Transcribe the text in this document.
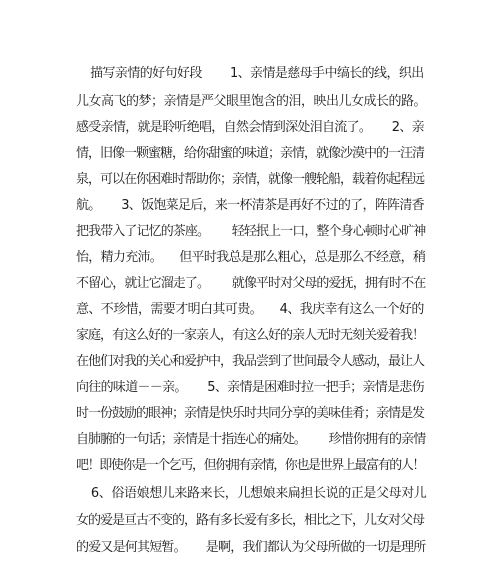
描写亲情的好句好段        1、亲情是慈母手中缟长的线，织出
儿女高飞的梦；亲情是严父眼里饱含的泪，映出儿女成长的路。
感受亲情，就是聆听绝唱，自然会情到深处泪自流了。      2、亲
情，旧像一颗蜜糖，给你甜蜜的味道；亲情，就像沙漠中的一汪清
泉，可以在你困难时帮助你；亲情，就像一艘轮船，载着你起程远
航。      3、饭饱菜足后，来一杯清茶是再好不过的了，阵阵清香
把我带入了记忆的茶座。       轻轻抿上一口，整个身心顿时心旷神
怡，精力充沛。     但平时我总是那么粗心，总是那么不经意，稍
不留心，就让它溜走了。       就像平时对父母的爱抚，拥有时不在
意、不珍惜，需要才明白其可贵。     4、我庆幸有这么一个好的
家庭，有这么好的一家亲人，有这么好的亲人无时无刻关爱着我！
在他们对我的关心和爱护中，我品尝到了世间最令人感动，最让人
向往的味道－－亲。      5、亲情是困难时拉一把手；亲情是悲伤
时一份鼓励的眼神；亲情是快乐时共同分享的美味佳肴；亲情是发
自肺腑的一句话；亲情是十指连心的痛处。       珍惜你拥有的亲情
吧！即使你是一个乞丐，但你拥有亲情，你也是世界上最富有的人！
6、俗语娘想儿来路来长，儿想娘来扁担长说的正是父母对儿
女的爱是亘古不变的，路有多长爱有多长，相比之下，儿女对父母
的爱又是何其短暂。      是啊，我们都认为父母所做的一切是理所
